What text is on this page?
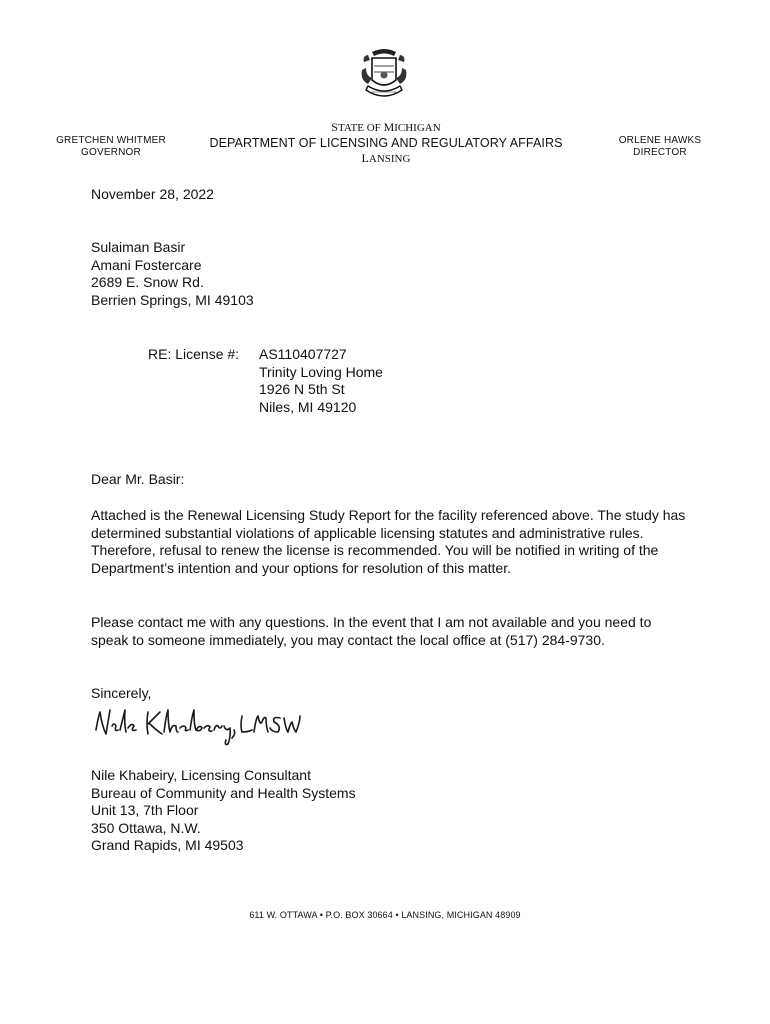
GRETCHEN WHITMER
GOVERNOR
STATE OF MICHIGAN
DEPARTMENT OF LICENSING AND REGULATORY AFFAIRS
LANSING
ORLENE HAWKS
DIRECTOR
November 28, 2022
Sulaiman Basir
Amani Fostercare
2689 E. Snow Rd.
Berrien Springs, MI 49103
RE: License #: AS110407727
Trinity Loving Home
1926 N 5th St
Niles, MI 49120
Dear Mr. Basir:
Attached is the Renewal Licensing Study Report for the facility referenced above. The study has determined substantial violations of applicable licensing statutes and administrative rules. Therefore, refusal to renew the license is recommended. You will be notified in writing of the Department’s intention and your options for resolution of this matter.
Please contact me with any questions. In the event that I am not available and you need to speak to someone immediately, you may contact the local office at (517) 284-9730.
Sincerely,
Nile Khabeiry, Licensing Consultant
Bureau of Community and Health Systems
Unit 13, 7th Floor
350 Ottawa, N.W.
Grand Rapids, MI 49503
611 W. OTTAWA • P.O. BOX 30664 • LANSING, MICHIGAN 48909
